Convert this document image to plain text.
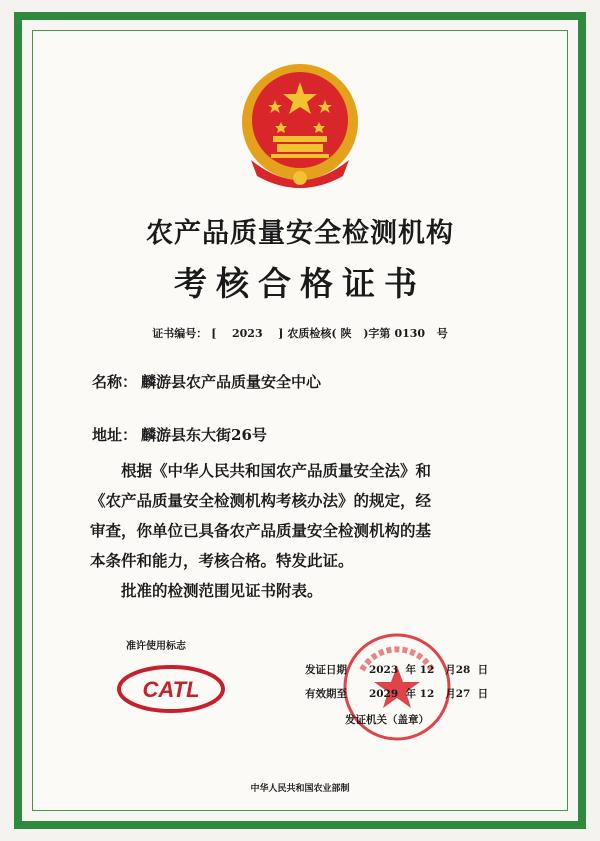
农产品质量安全检测机构
考核合格证书
证书编号： [ 2023 ] 农质检核( 陕 )字第 0130 号
名称： 麟游县农产品质量安全中心
地址： 麟游县东大街26号

根据《中华人民共和国农产品质量安全法》和

《农产品质量安全检测机构考核办法》的规定，经

审查，你单位已具备农产品质量安全检测机构的基

本条件和能力，考核合格。特发此证。

批准的检测范围见证书附表。

准许使用标志
CATL
发证日期 2023 年 12 月28 日
有效期至 2029 年 12 月27 日
发证机关（盖章）
中华人民共和国农业部制
